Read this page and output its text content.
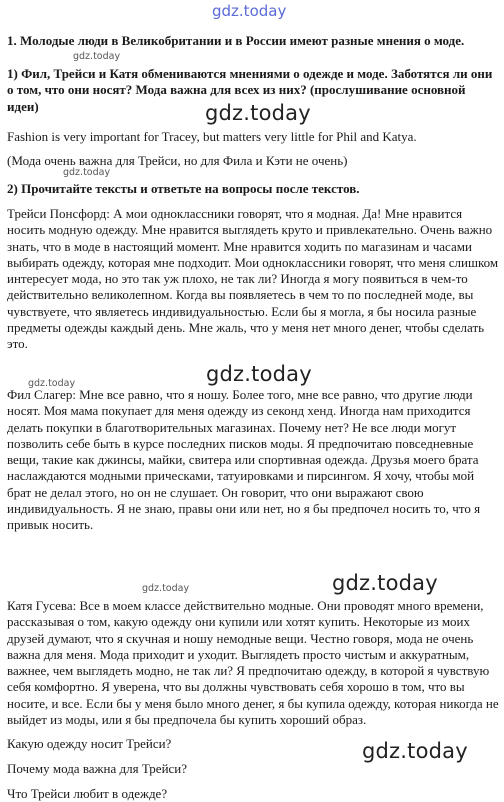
gdz.today

1. Молодые люди в Великобритании и в России имеют разные мнения о моде.

gdz.today

1) Фил, Трейси и Катя обмениваются мнениями о одежде и моде. Заботятся ли они о том, что они носят? Мода важна для всех из них? (прослушивание основной идеи)	gdz.today

Fashion is very important for Tracey, but matters very little for Phil and Katya.

(Мода очень важна для Трейси, но для Фила и Кэти не очень)

gdz.today

2) Прочитайте тексты и ответьте на вопросы после текстов.

Трейси Понсфорд: А мои одноклассники говорят, что я модная. Да! Мне нравится носить модную одежду. Мне нравится выглядеть круто и привлекательно. Очень важно знать, что в моде в настоящий момент. Мне нравится ходить по магазинам и часами выбирать одежду, которая мне подходит. Мои одноклассники говорят, что меня слишком интересует мода, но это так уж плохо, не так ли? Иногда я могу появиться в чем-то действительно великолепном. Когда вы появляетесь в чем то по последней моде, вы чувствуете, что являетесь индивидуальностью. Если бы я могла, я бы носила разные предметы одежды каждый день. Мне жаль, что у меня нет много денег, чтобы сделать это.

gdz.today
gdz.today

Фил Слагер: Мне все равно, что я ношу. Более того, мне все равно, что другие люди носят. Моя мама покупает для меня одежду из секонд хенд. Иногда нам приходится делать покупки в благотворительных магазинах. Почему нет? Не все люди могут позволить себе быть в курсе последних писков моды. Я предпочитаю повседневные вещи, такие как джинсы, майки, свитера или спортивная одежда. Друзья моего брата наслаждаются модными прическами, татуировками и пирсингом. Я хочу, чтобы мой брат не делал этого, но он не слушает. Он говорит, что они выражают свою индивидуальность. Я не знаю, правы они или нет, но я бы предпочел носить то, что я привык носить.

gdz.today
gdz.today

Катя Гусева: Все в моем классе действительно модные. Они проводят много времени, рассказывая о том, какую одежду они купили или хотят купить. Некоторые из моих друзей думают, что я скучная и ношу немодные вещи. Честно говоря, мода не очень важна для меня. Мода приходит и уходит. Выглядеть просто чистым и аккуратным, важнее, чем выглядеть модно, не так ли? Я предпочитаю одежду, в которой я чувствую себя комфортно. Я уверена, что вы должны чувствовать себя хорошо в том, что вы носите, и все. Если бы у меня было много денег, я бы купила одежду, которая никогда не выйдет из моды, или я бы предпочела бы купить хороший образ.

gdz.today

Какую одежду носит Трейси?

Почему мода важна для Трейси?

Что Трейси любит в одежде?
